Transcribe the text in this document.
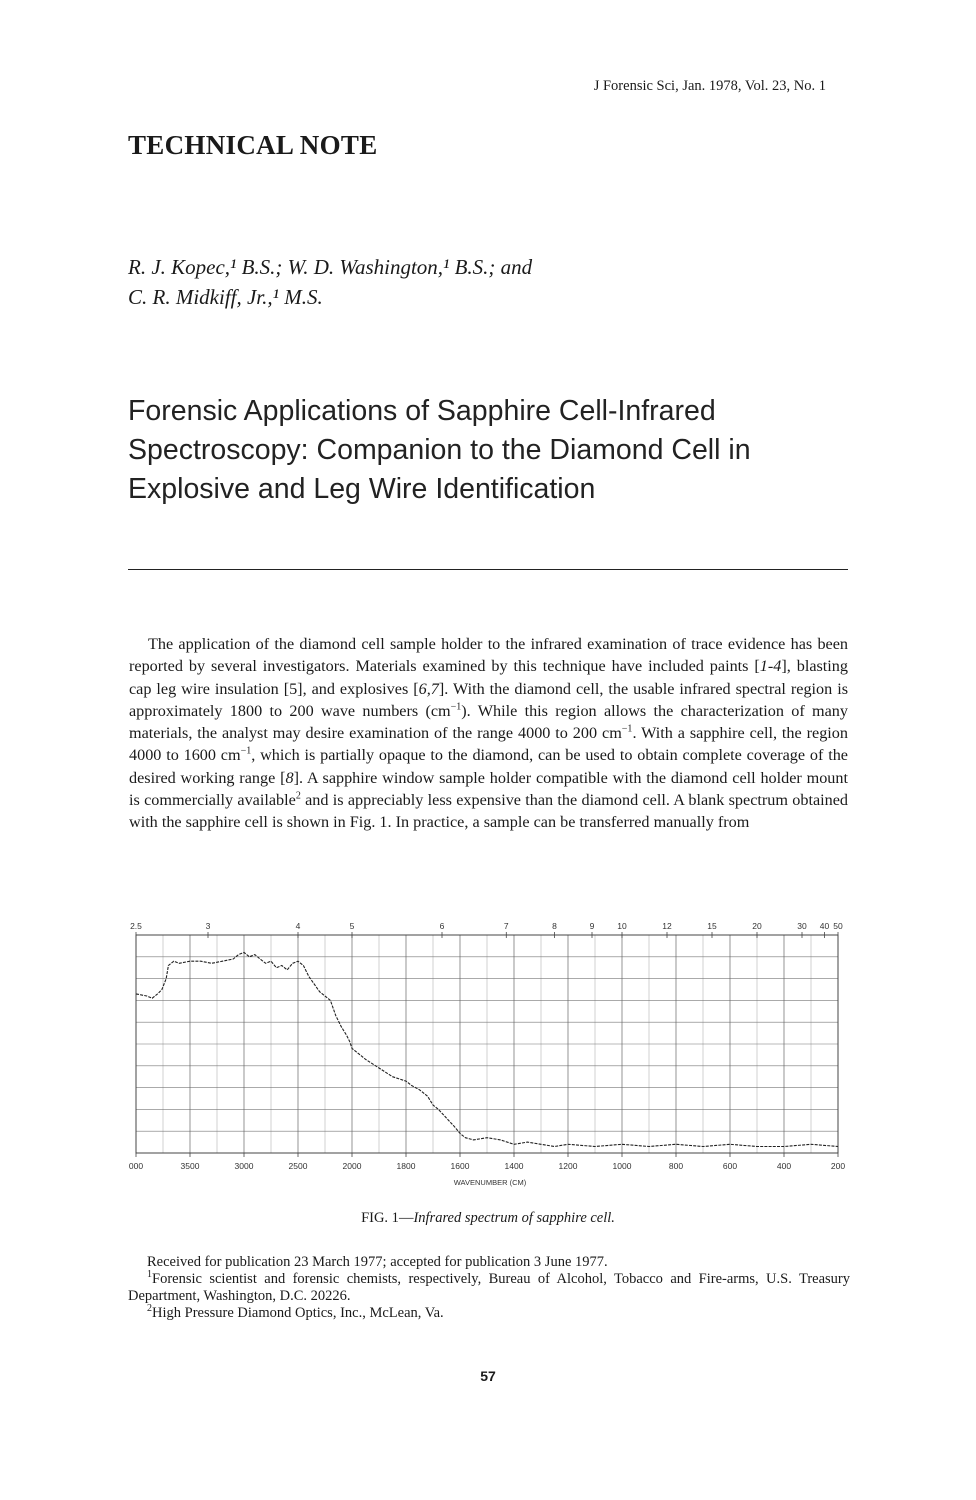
J Forensic Sci, Jan. 1978, Vol. 23, No. 1
TECHNICAL NOTE
R. J. Kopec,¹ B.S.; W. D. Washington,¹ B.S.; and
C. R. Midkiff, Jr.,¹ M.S.
Forensic Applications of Sapphire Cell-Infrared
Spectroscopy: Companion to the Diamond Cell in
Explosive and Leg Wire Identification

The application of the diamond cell sample holder to the infrared examination of trace evidence has been reported by several investigators. Materials examined by this technique have included paints [1-4], blasting cap leg wire insulation [5], and explosives [6,7]. With the diamond cell, the usable infrared spectral region is approximately 1800 to 200 wave numbers $(cm^{-1})$. While this region allows the characterization of many materials, the analyst may desire examination of the range 4000 to 200 $cm^{-1}$. With a sapphire cell, the region 4000 to 1600 $cm^{-1}$, which is partially opaque to the diamond, can be used to obtain complete coverage of the desired working range [8]. A sapphire window sample holder compatible with the diamond cell holder mount is commercially available$^2$ and is appreciably less expensive than the diamond cell. A blank spectrum obtained with the sapphire cell is shown in Fig. 1. In practice, a sample can be transferred manually from

2.5	3	4	5	6	7	8	9	10	12	15	20	30 40 50
000	3500	3000	2500	2000	1800	1600	1400	1200	1000	800	600	400	200
WAVENUMBER (CM)
FIG. 1—Infrared spectrum of sapphire cell.

Received for publication 23 March 1977; accepted for publication 3 June 1977.

$^1$Forensic scientist and forensic chemists, respectively, Bureau of Alcohol, Tobacco and Fire-arms, U.S. Treasury Department, Washington, D.C. 20226.

$^2$High Pressure Diamond Optics, Inc., McLean, Va.

57
